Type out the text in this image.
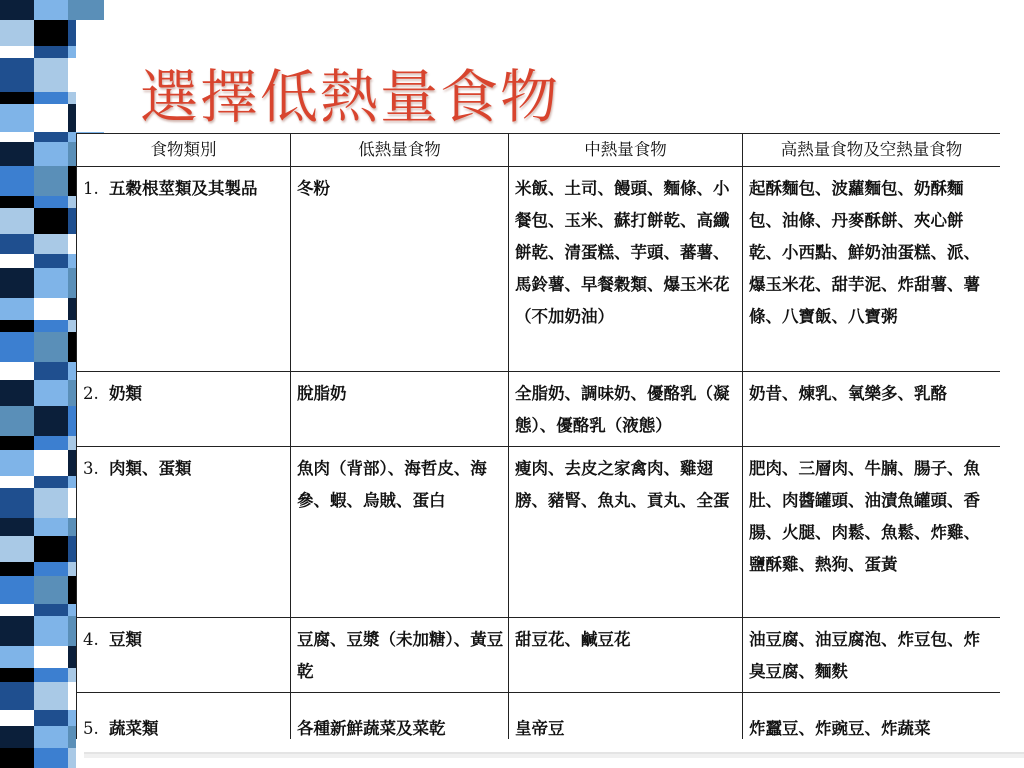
選擇低熱量食物
食物類別	低熱量食物	中熱量食物	高熱量食物及空熱量食物
1. 五穀根莖類及其製品	冬粉	米飯、土司、饅頭、麵條、小餐包、玉米、蘇打餅乾、高纖餅乾、清蛋糕、芋頭、蕃薯、馬鈴薯、早餐穀類、爆玉米花（不加奶油）	起酥麵包、波蘿麵包、奶酥麵包、油條、丹麥酥餅、夾心餅乾、小西點、鮮奶油蛋糕、派、爆玉米花、甜芋泥、炸甜薯、薯條、八寶飯、八寶粥
2. 奶類	脫脂奶	全脂奶、調味奶、優酪乳（凝態）、優酪乳（液態）	奶昔、煉乳、氧樂多、乳酪
3. 肉類、蛋類	魚肉（背部）、海哲皮、海參、蝦、烏賊、蛋白	瘦肉、去皮之家禽肉、雞翅膀、豬腎、魚丸、貢丸、全蛋	肥肉、三層肉、牛腩、腸子、魚肚、肉醬罐頭、油漬魚罐頭、香腸、火腿、肉鬆、魚鬆、炸雞、鹽酥雞、熱狗、蛋黃
4. 豆類	豆腐、豆漿（未加糖）、黃豆乾	甜豆花、鹹豆花	油豆腐、油豆腐泡、炸豆包、炸臭豆腐、麵麩
5. 蔬菜類	各種新鮮蔬菜及菜乾	皇帝豆	炸蠶豆、炸豌豆、炸蔬菜
